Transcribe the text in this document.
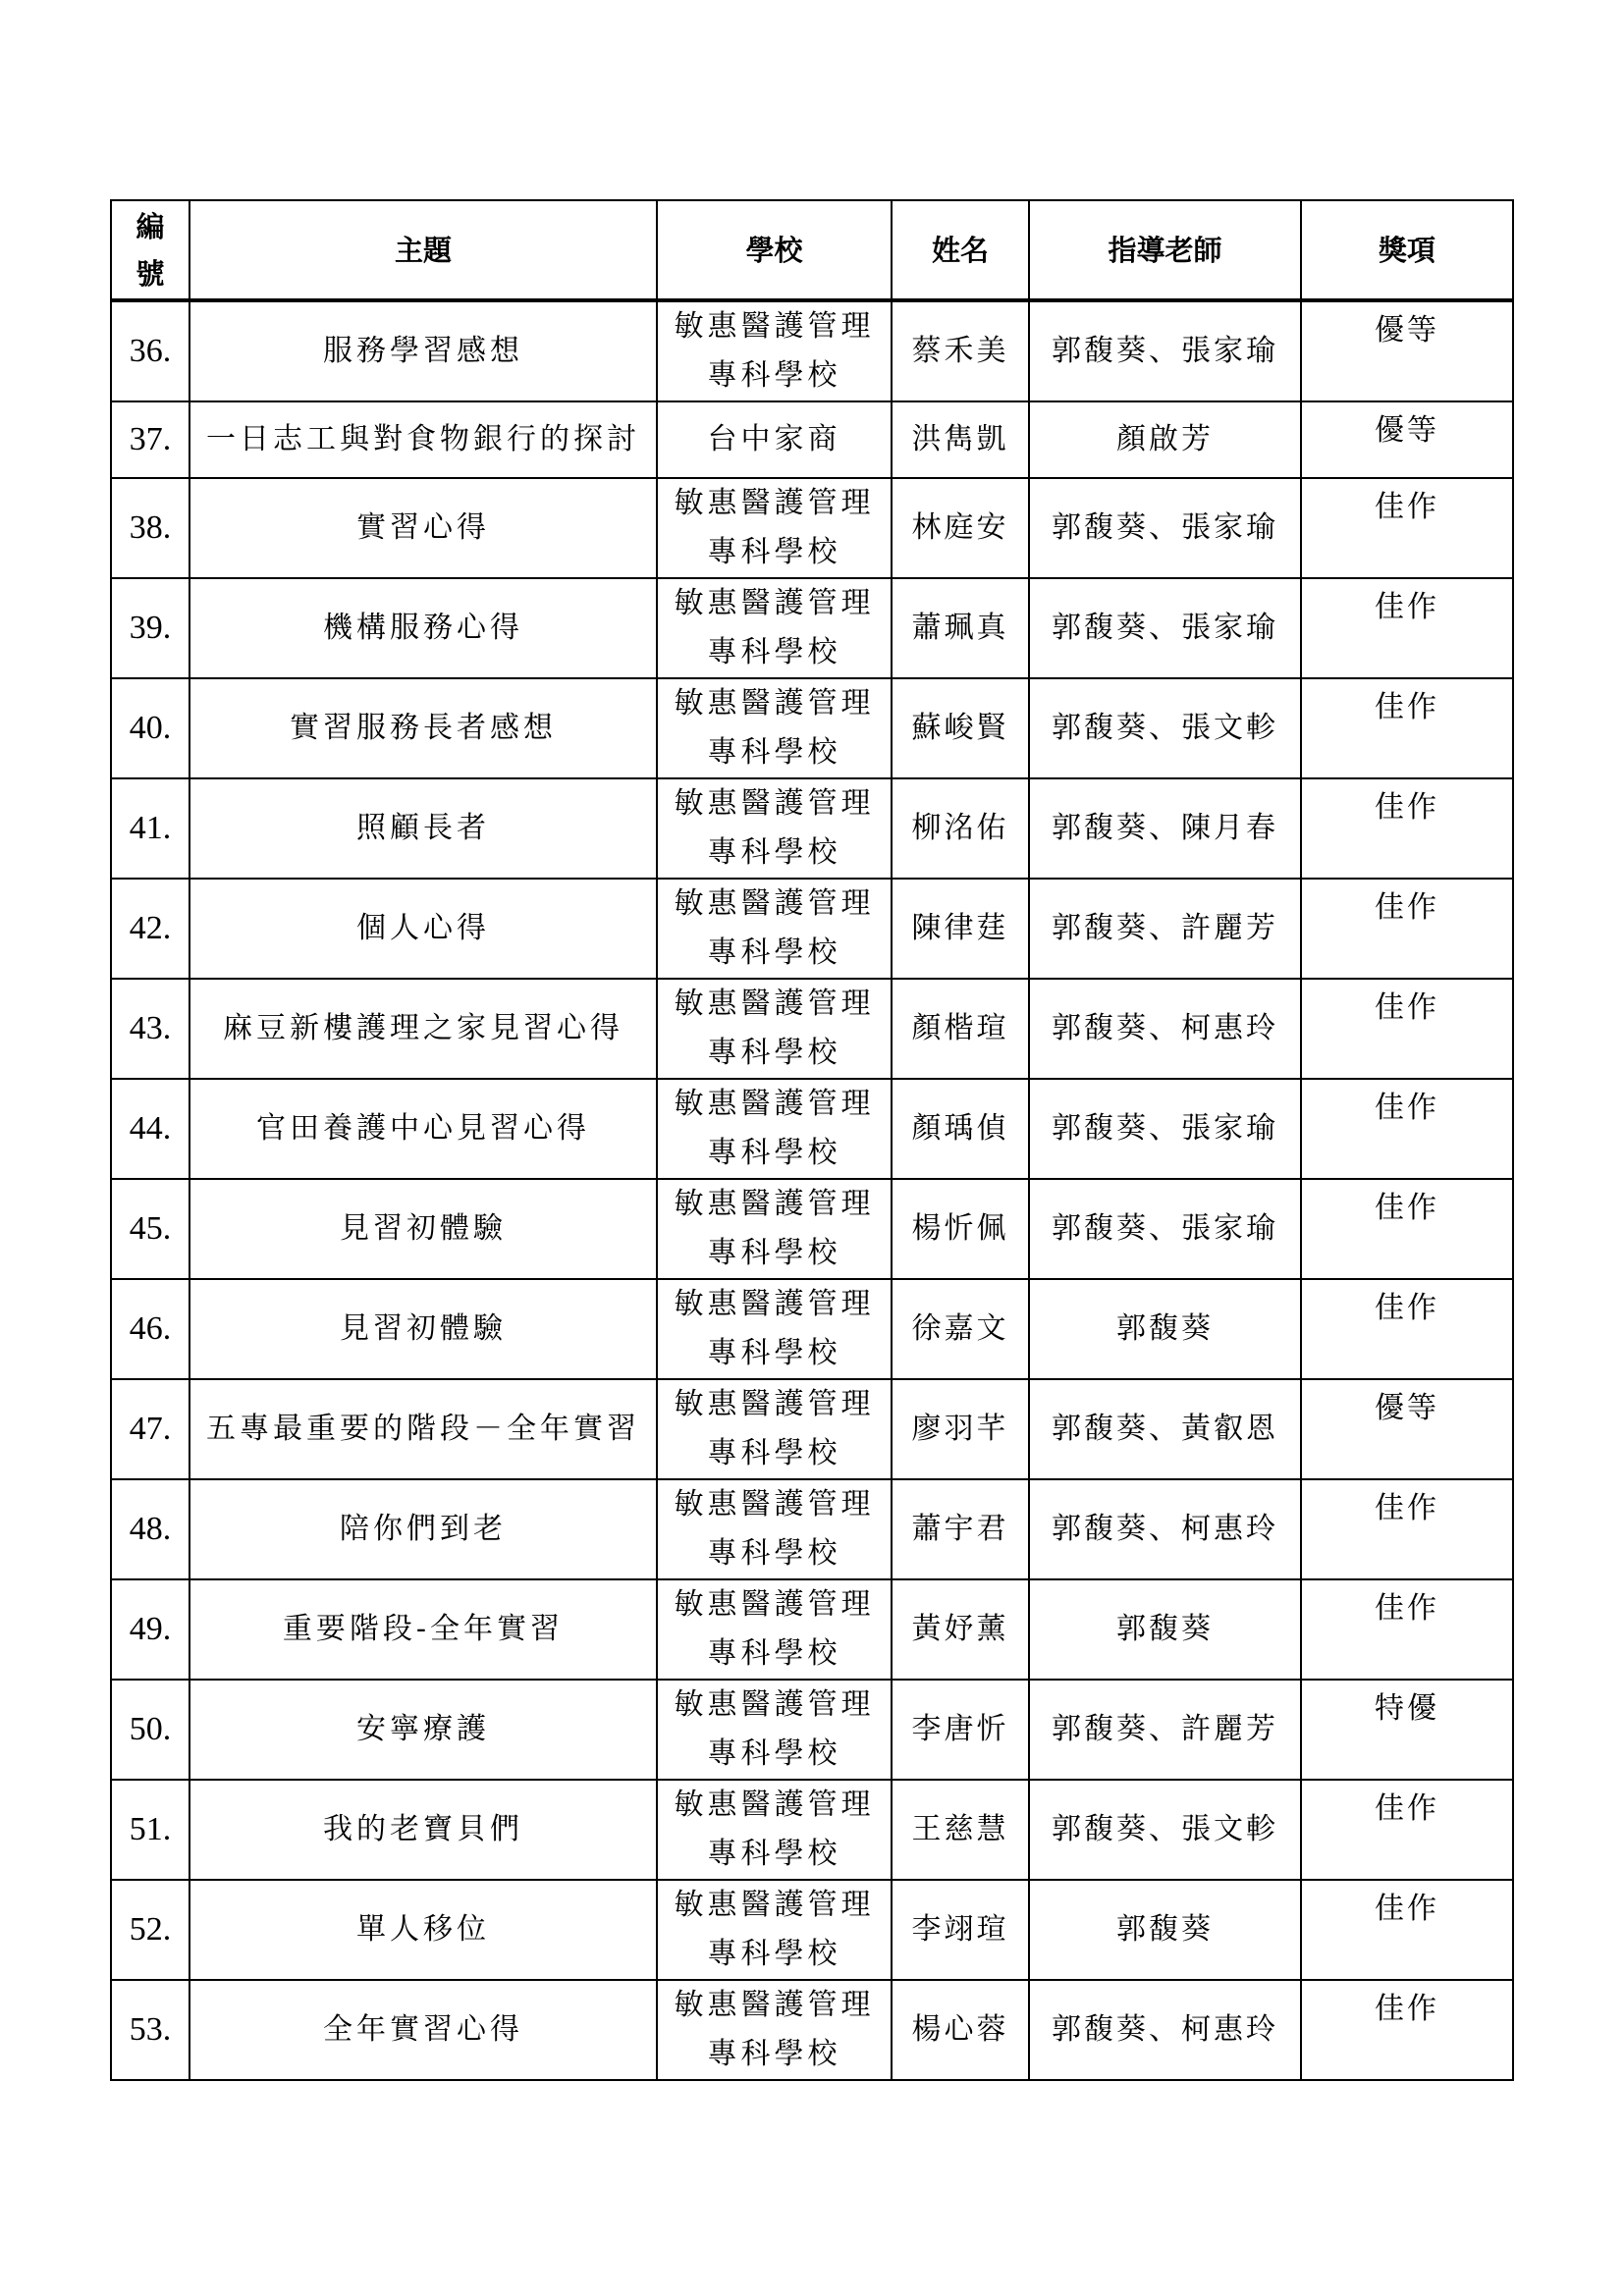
編
號	主題	學校	姓名	指導老師	獎項
36.	服務學習感想	敏惠醫護管理
專科學校	蔡禾美	郭馥葵、張家瑜	優等
37.	一日志工與對食物銀行的探討	台中家商	洪雋凱	顏啟芳	優等
38.	實習心得	敏惠醫護管理
專科學校	林庭安	郭馥葵、張家瑜	佳作
39.	機構服務心得	敏惠醫護管理
專科學校	蕭珮真	郭馥葵、張家瑜	佳作
40.	實習服務長者感想	敏惠醫護管理
專科學校	蘇峻賢	郭馥葵、張文軫	佳作
41.	照顧長者	敏惠醫護管理
專科學校	柳洺佑	郭馥葵、陳月春	佳作
42.	個人心得	敏惠醫護管理
專科學校	陳律莛	郭馥葵、許麗芳	佳作
43.	麻豆新樓護理之家見習心得	敏惠醫護管理
專科學校	顏楷瑄	郭馥葵、柯惠玲	佳作
44.	官田養護中心見習心得	敏惠醫護管理
專科學校	顏瑀偵	郭馥葵、張家瑜	佳作
45.	見習初體驗	敏惠醫護管理
專科學校	楊忻佩	郭馥葵、張家瑜	佳作
46.	見習初體驗	敏惠醫護管理
專科學校	徐嘉文	郭馥葵	佳作
47.	五專最重要的階段－全年實習	敏惠醫護管理
專科學校	廖羽芊	郭馥葵、黃叡恩	優等
48.	陪你們到老	敏惠醫護管理
專科學校	蕭宇君	郭馥葵、柯惠玲	佳作
49.	重要階段-全年實習	敏惠醫護管理
專科學校	黃妤薰	郭馥葵	佳作
50.	安寧療護	敏惠醫護管理
專科學校	李唐忻	郭馥葵、許麗芳	特優
51.	我的老寶貝們	敏惠醫護管理
專科學校	王慈慧	郭馥葵、張文軫	佳作
52.	單人移位	敏惠醫護管理
專科學校	李翊瑄	郭馥葵	佳作
53.	全年實習心得	敏惠醫護管理
專科學校	楊心蓉	郭馥葵、柯惠玲	佳作
